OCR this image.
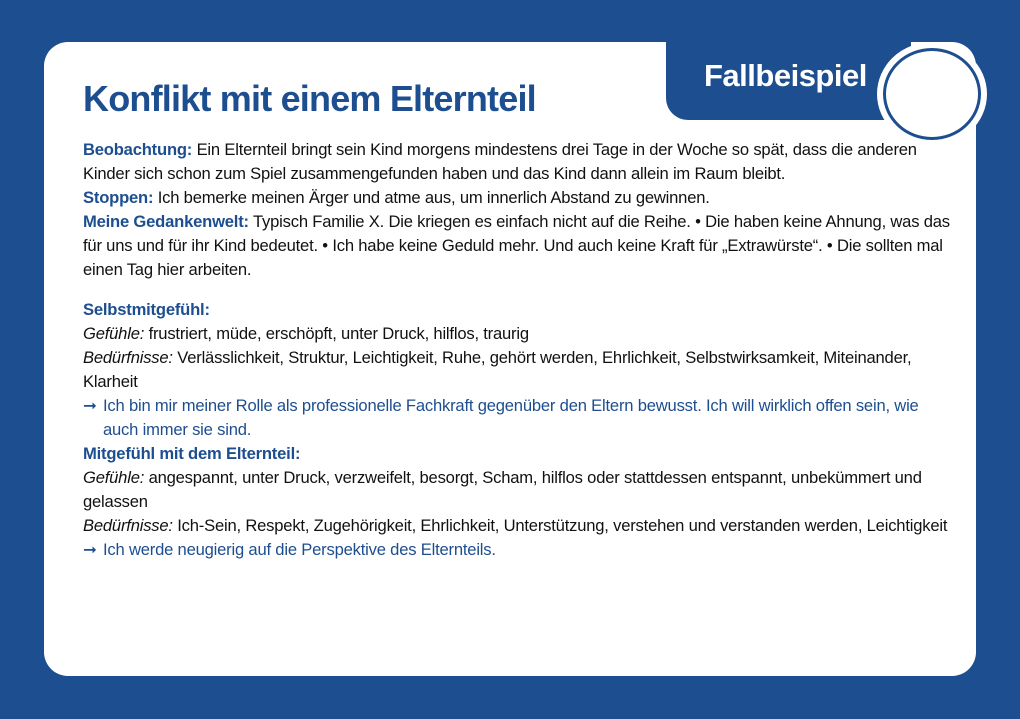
Fallbeispiel
Konflikt mit einem Elternteil

Beobachtung: Ein Elternteil bringt sein Kind morgens mindestens drei Tage in der Woche so spät, dass die anderen Kinder sich schon zum Spiel zusammengefunden haben und das Kind dann allein im Raum bleibt.

Stoppen: Ich bemerke meinen Ärger und atme aus, um innerlich Abstand zu gewinnen.

Meine Gedankenwelt: Typisch Familie X. Die kriegen es einfach nicht auf die Reihe. • Die haben keine Ahnung, was das für uns und für ihr Kind bedeutet. • Ich habe keine Geduld mehr. Und auch keine Kraft für „Extrawürste“. • Die sollten mal einen Tag hier arbeiten.

Selbstmitgefühl:

Gefühle: frustriert, müde, erschöpft, unter Druck, hilflos, traurig

Bedürfnisse: Verlässlichkeit, Struktur, Leichtigkeit, Ruhe, gehört werden, Ehrlichkeit, Selbstwirksamkeit, Miteinander, Klarheit

➞ Ich bin mir meiner Rolle als professionelle Fachkraft gegenüber den Eltern bewusst. Ich will wirklich offen sein, wie auch immer sie sind.

Mitgefühl mit dem Elternteil:

Gefühle: angespannt, unter Druck, verzweifelt, besorgt, Scham, hilflos oder stattdessen entspannt, unbekümmert und gelassen

Bedürfnisse: Ich-Sein, Respekt, Zugehörigkeit, Ehrlichkeit, Unterstützung, verstehen und verstanden werden, Leichtigkeit

➞ Ich werde neugierig auf die Perspektive des Elternteils.
